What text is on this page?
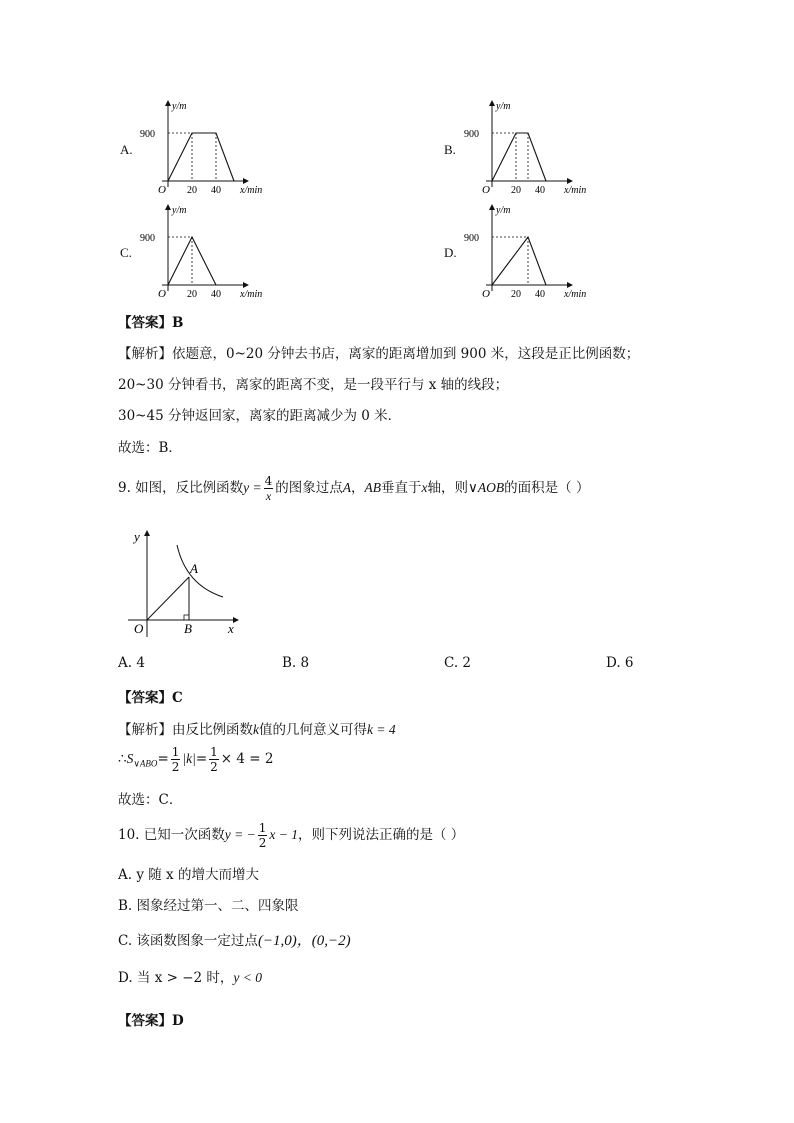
A.	B.
C.	D.
y/m
x/min
O
900
20 40
y/m
x/min
O
900
20 40
y/m
x/min
O
900
20 40
y/m
x/min
O
900
20 40
【答案】B
【解析】依题意，0~20 分钟去书店，离家的距离增加到 900 米，这段是正比例函数；
20~30 分钟看书，离家的距离不变，是一段平行与 x 轴的线段；
30~45 分钟返回家，离家的距离减少为 0 米．
故选：B．
9. 如图，反比例函数$y = \frac{4}{x}$ 的图象过点A，AB垂直于x轴，则∨AOB的面积是（ ）
y
x
O
A
B
A. 4	B. 8	C. 2	D. 6
【答案】C
【解析】由反比例函数k值的几何意义可得k = 4
$\therefore S_{\vee ABO}= \frac{1}{2} |k|= \frac{1}{2} \times 4 = 2$
故选：C．
10. 已知一次函数y = − $\frac{1}{2}$ x − 1，则下列说法正确的是（ ）
A. y 随 x 的增大而增大
B. 图象经过第一、二、四象限
C. 该函数图象一定过点(−1,0)，(0,−2)
D. 当 x > −2 时，y < 0
【答案】D
